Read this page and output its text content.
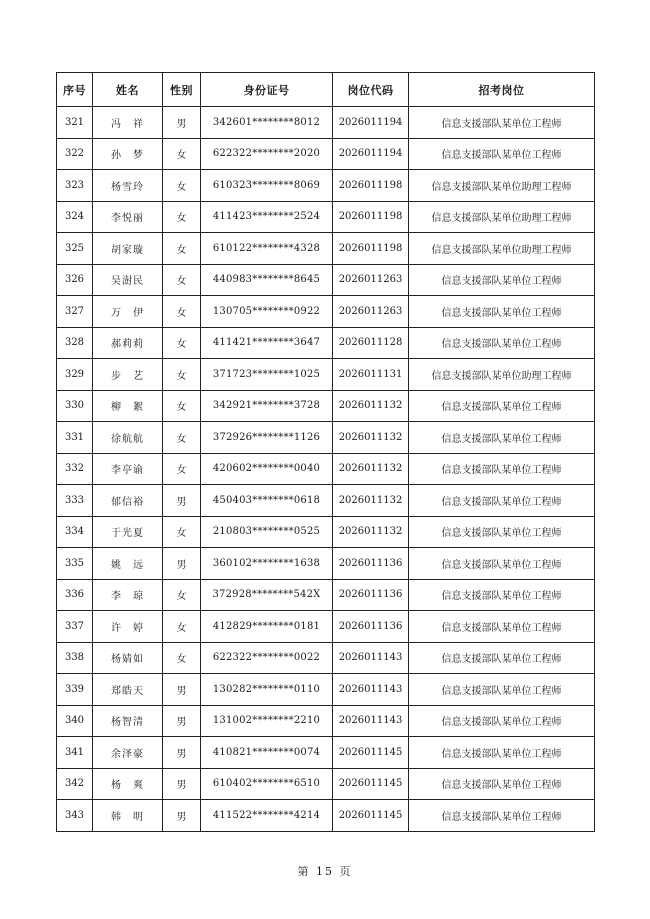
序号	姓名	性别	身份证号	岗位代码	招考岗位
321	冯　祥	男	342601********8012	2026011194	信息支援部队某单位工程师
322	孙　梦	女	622322********2020	2026011194	信息支援部队某单位工程师
323	杨雪玲	女	610323********8069	2026011198	信息支援部队某单位助理工程师
324	李悦丽	女	411423********2524	2026011198	信息支援部队某单位助理工程师
325	胡家璇	女	610122********4328	2026011198	信息支援部队某单位助理工程师
326	吴澍民	女	440983********8645	2026011263	信息支援部队某单位工程师
327	万　伊	女	130705********0922	2026011263	信息支援部队某单位工程师
328	郝莉莉	女	411421********3647	2026011128	信息支援部队某单位工程师
329	步　艺	女	371723********1025	2026011131	信息支援部队某单位助理工程师
330	柳　絮	女	342921********3728	2026011132	信息支援部队某单位工程师
331	徐航航	女	372926********1126	2026011132	信息支援部队某单位工程师
332	李亭谕	女	420602********0040	2026011132	信息支援部队某单位工程师
333	郁信裕	男	450403********0618	2026011132	信息支援部队某单位工程师
334	于光夏	女	210803********0525	2026011132	信息支援部队某单位工程师
335	姚　远	男	360102********1638	2026011136	信息支援部队某单位工程师
336	李　琼	女	372928********542X	2026011136	信息支援部队某单位工程师
337	许　婷	女	412829********0181	2026011136	信息支援部队某单位工程师
338	杨婧如	女	622322********0022	2026011143	信息支援部队某单位工程师
339	郑皓天	男	130282********0110	2026011143	信息支援部队某单位工程师
340	杨智清	男	131002********2210	2026011143	信息支援部队某单位工程师
341	余泽豪	男	410821********0074	2026011145	信息支援部队某单位工程师
342	杨　爽	男	610402********6510	2026011145	信息支援部队某单位工程师
343	韩　明	男	411522********4214	2026011145	信息支援部队某单位工程师
第 15 页
